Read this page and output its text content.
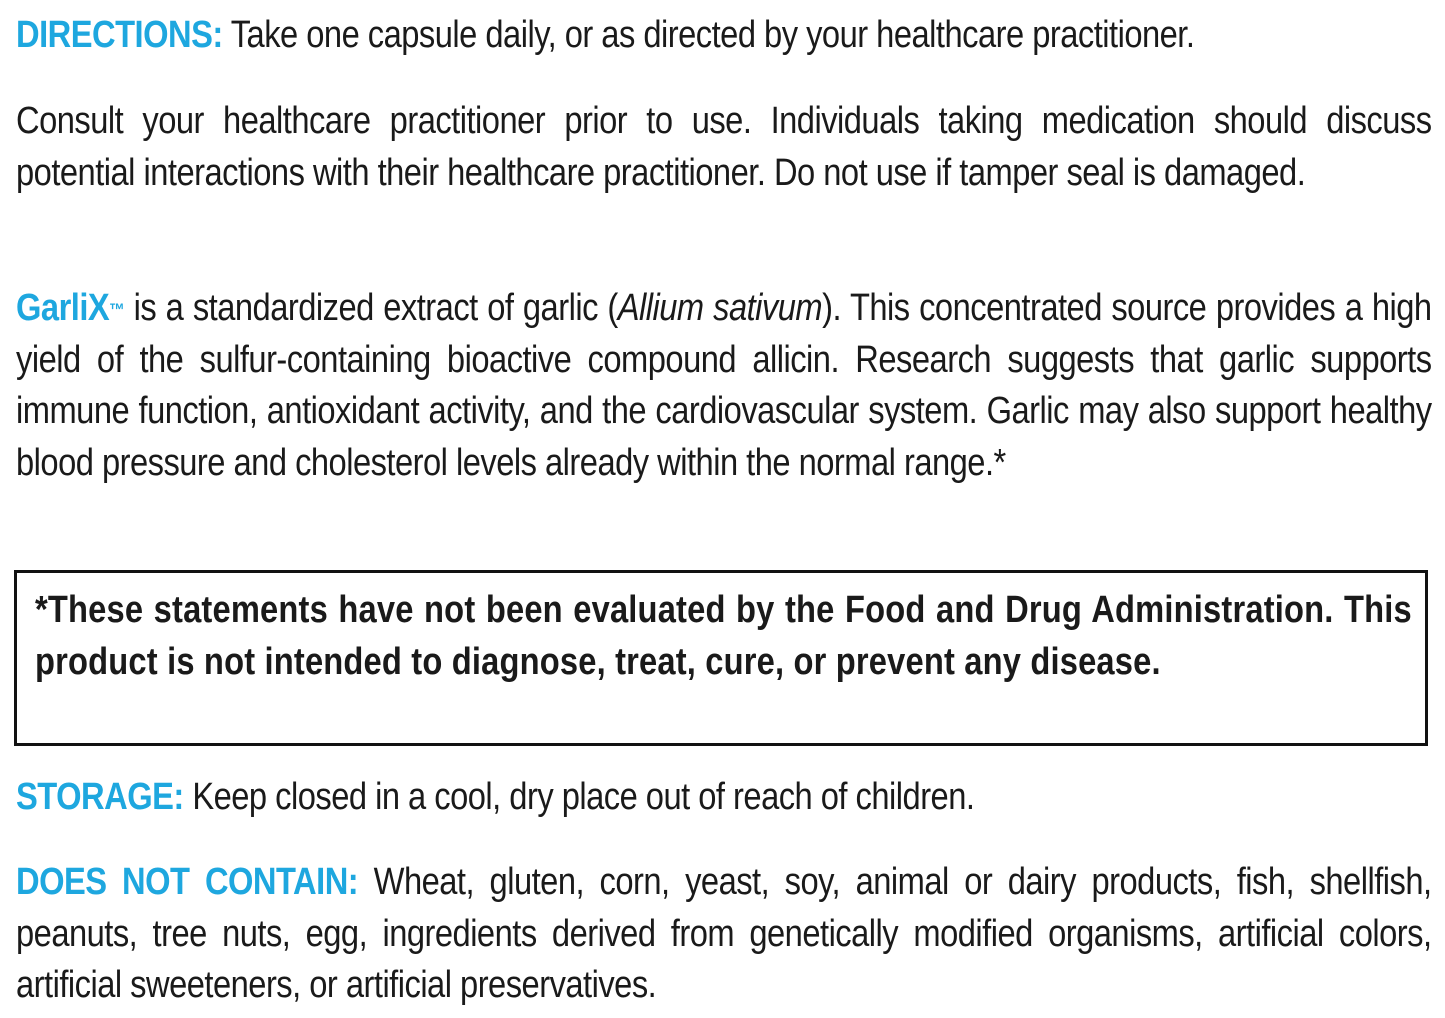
DIRECTIONS: Take one capsule daily, or as directed by your healthcare practitioner.

Consult your healthcare practitioner prior to use. Individuals taking medication should discuss potential interactions with their healthcare practitioner. Do not use if tamper seal is damaged.

GarliX™ is a standardized extract of garlic (Allium sativum). This concentrated source provides a high yield of the sulfur-containing bioactive compound allicin. Research suggests that garlic supports immune function, antioxidant activity, and the cardiovascular system. Garlic may also support healthy blood pressure and cholesterol levels already within the normal range.*

*These statements have not been evaluated by the Food and Drug Administration. This product is not intended to diagnose, treat, cure, or prevent any disease.

STORAGE: Keep closed in a cool, dry place out of reach of children.

DOES NOT CONTAIN: Wheat, gluten, corn, yeast, soy, animal or dairy products, fish, shellfish, peanuts, tree nuts, egg, ingredients derived from genetically modified organisms, artificial colors, artificial sweeteners, or artificial preservatives.
